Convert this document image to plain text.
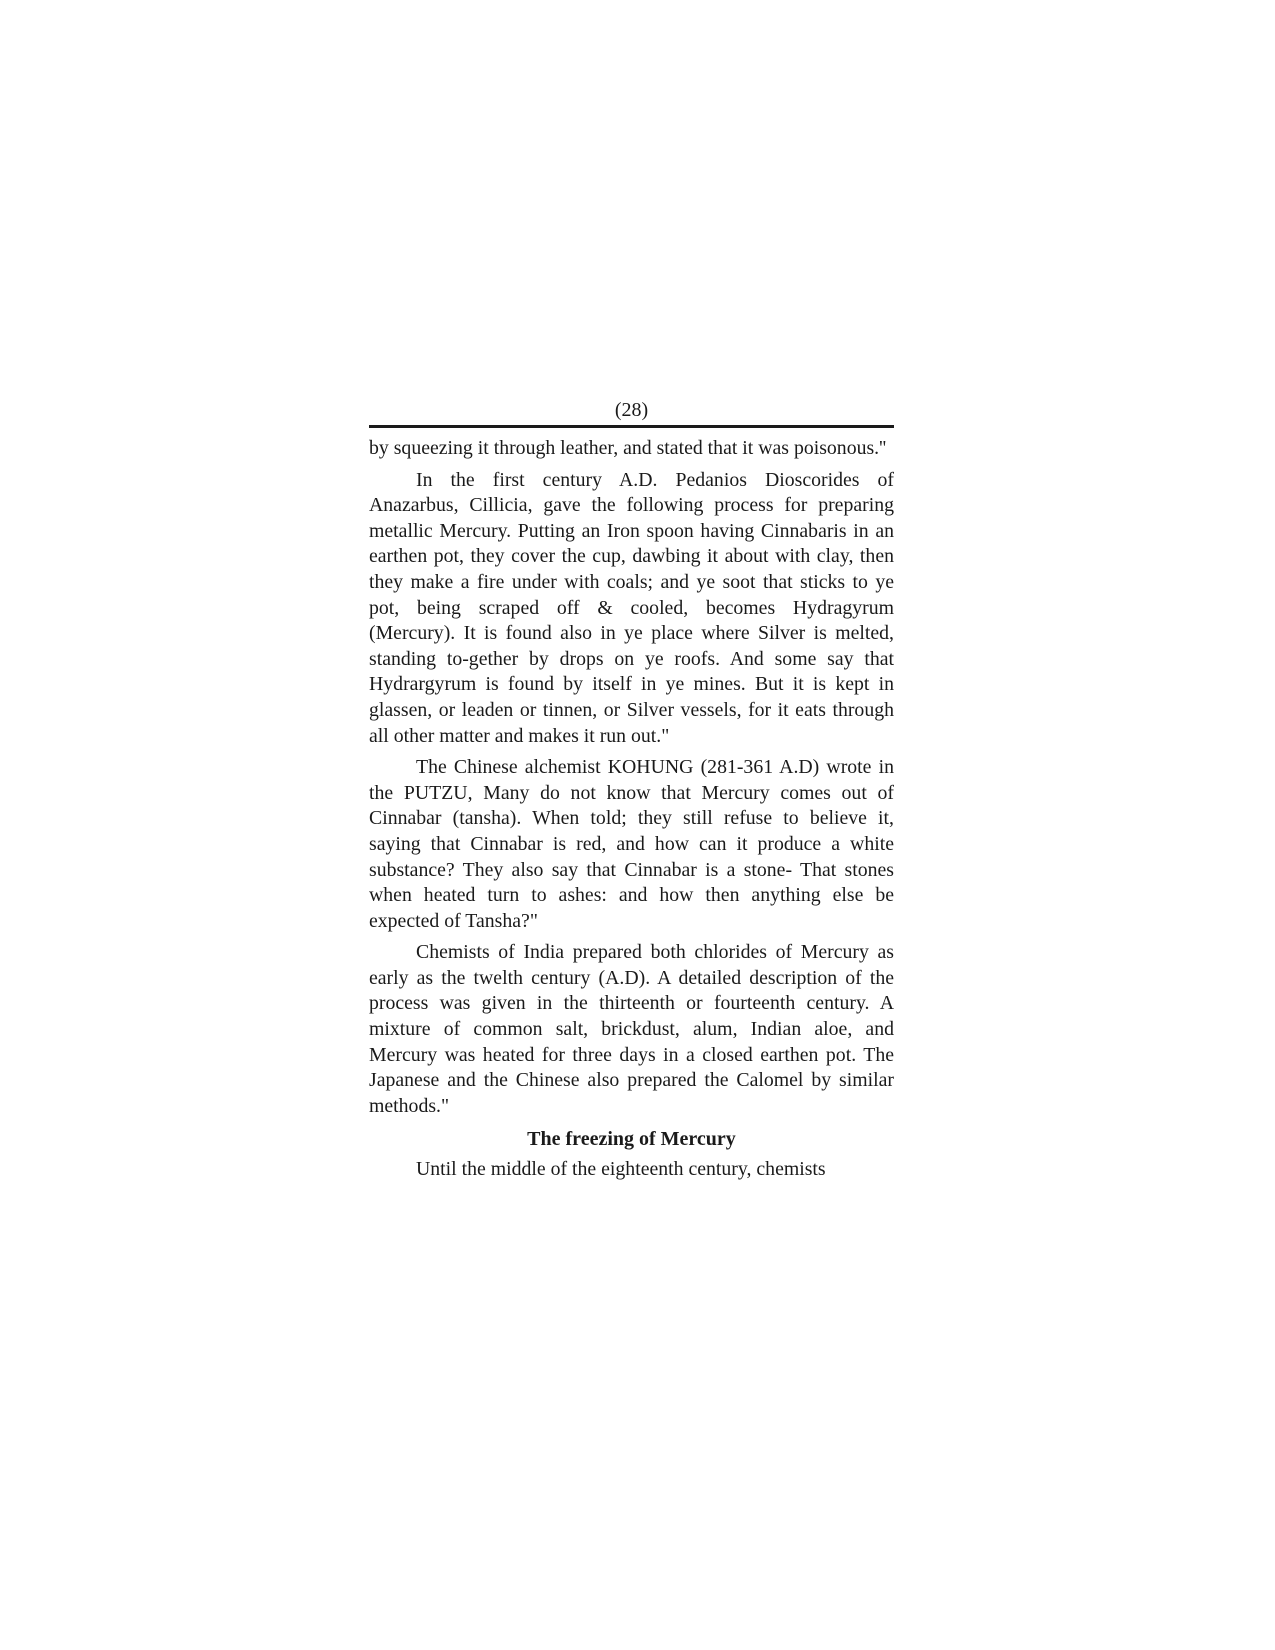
(28)

by squeezing it through leather, and stated that it was poisonous.''

In the first century A.D. Pedanios Dioscorides of Anazarbus, Cillicia, gave the following process for preparing metallic Mercury. Putting an Iron spoon having Cinnabaris in an earthen pot, they cover the cup, dawbing it about with clay, then they make a fire under with coals; and ye soot that sticks to ye pot, being scraped off & cooled, becomes Hydragyrum (Mercury). It is found also in ye place where Silver is melted, standing to-gether by drops on ye roofs. And some say that Hydrargyrum is found by itself in ye mines. But it is kept in glassen, or leaden or tinnen, or Silver vessels, for it eats through all other matter and makes it run out."

The Chinese alchemist KOHUNG (281-361 A.D) wrote in the PUTZU, Many do not know that Mercury comes out of Cinnabar (tansha). When told; they still refuse to believe it, saying that Cinnabar is red, and how can it produce a white substance? They also say that Cinnabar is a stone- That stones when heated turn to ashes: and how then anything else be expected of Tansha?"

Chemists of India prepared both chlorides of Mercury as early as the twelth century (A.D). A detailed description of the process was given in the thirteenth or fourteenth century. A mixture of common salt, brickdust, alum, Indian aloe, and Mercury was heated for three days in a closed earthen pot. The Japanese and the Chinese also prepared the Calomel by similar methods."

The freezing of Mercury

Until the middle of the eighteenth century, chemists
